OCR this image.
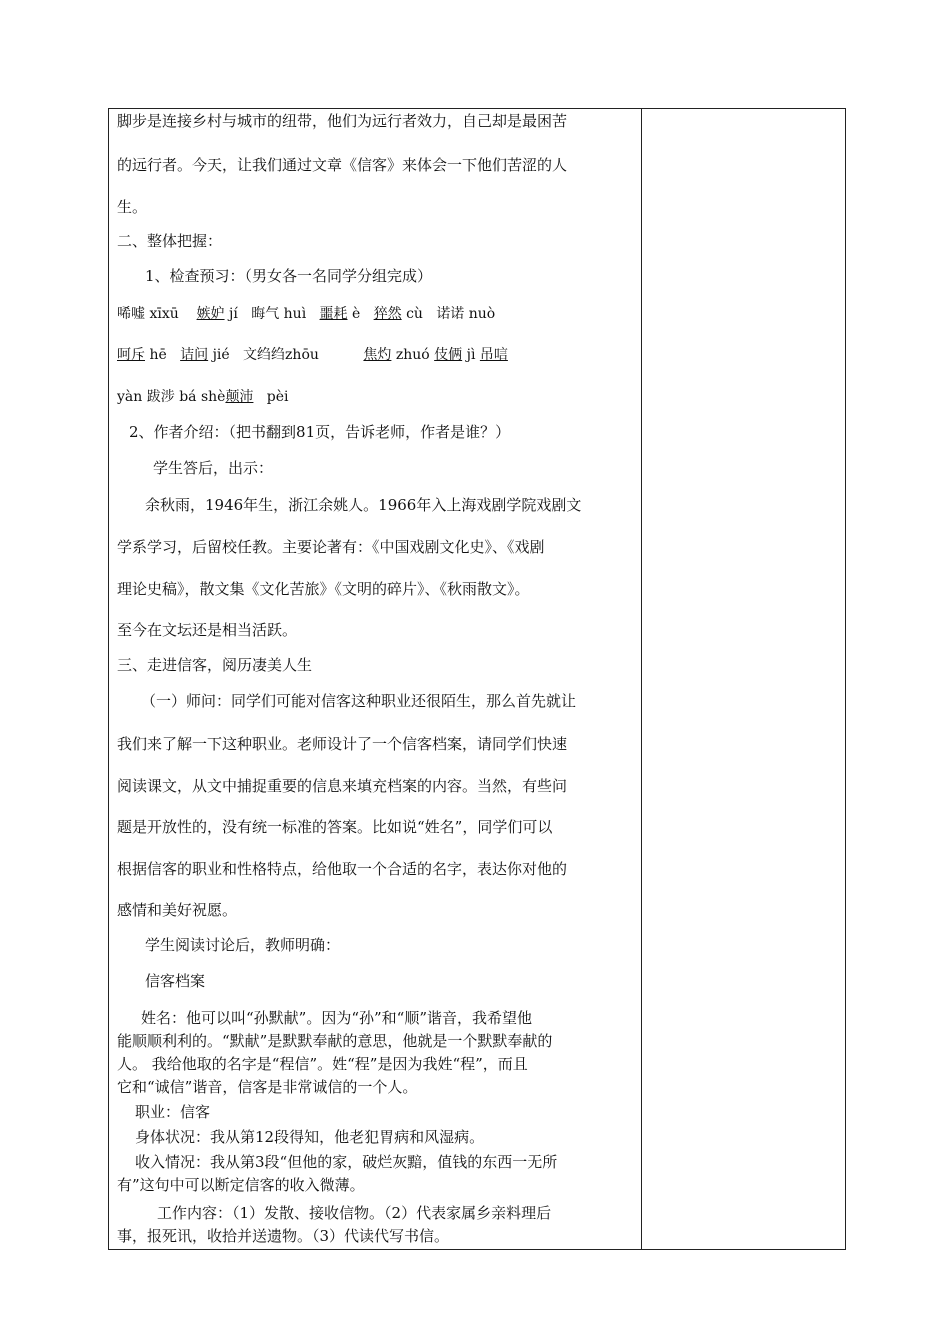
脚步是连接乡村与城市的纽带，他们为远行者效力，自己却是最困苦
的远行者。今天，让我们通过文章《信客》来体会一下他们苦涩的人
生。
二、整体把握：
1、检查预习：（男女各一名同学分组完成）
唏嘘 xīxū 嫉妒 jí 晦气 huì 噩耗 è 猝然 cù 诺诺 nuò
呵斥 hē 诘问 jié 文绉绉zhōu	焦灼 zhuó 伎俩 jì 吊唁
yàn 跋涉 bá shè颠沛 pèi
2、作者介绍：（把书翻到81页，告诉老师，作者是谁？）
学生答后，出示：
余秋雨，1946年生，浙江余姚人。1966年入上海戏剧学院戏剧文
学系学习，后留校任教。主要论著有：《中国戏剧文化史》、《戏剧
理论史稿》，散文集《文化苦旅》《文明的碎片》、《秋雨散文》。
至今在文坛还是相当活跃。
三、走进信客，阅历凄美人生
（一）师问：同学们可能对信客这种职业还很陌生，那么首先就让
我们来了解一下这种职业。老师设计了一个信客档案，请同学们快速
阅读课文，从文中捕捉重要的信息来填充档案的内容。当然，有些问
题是开放性的，没有统一标准的答案。比如说“姓名”，同学们可以
根据信客的职业和性格特点，给他取一个合适的名字，表达你对他的
感情和美好祝愿。
学生阅读讨论后，教师明确：
信客档案
姓名：他可以叫“孙默献”。因为“孙”和“顺”谐音，我希望他
能顺顺利利的。“默献”是默默奉献的意思，他就是一个默默奉献的
人。 我给他取的名字是“程信”。姓“程”是因为我姓“程”，而且
它和“诚信”谐音，信客是非常诚信的一个人。
职业：信客
身体状况：我从第12段得知，他老犯胃病和风湿病。
收入情况：我从第3段“但他的家，破烂灰黯，值钱的东西一无所
有”这句中可以断定信客的收入微薄。
工作内容：（1）发散、接收信物。（2）代表家属乡亲料理后
事，报死讯，收拾并送遗物。（3）代读代写书信。
